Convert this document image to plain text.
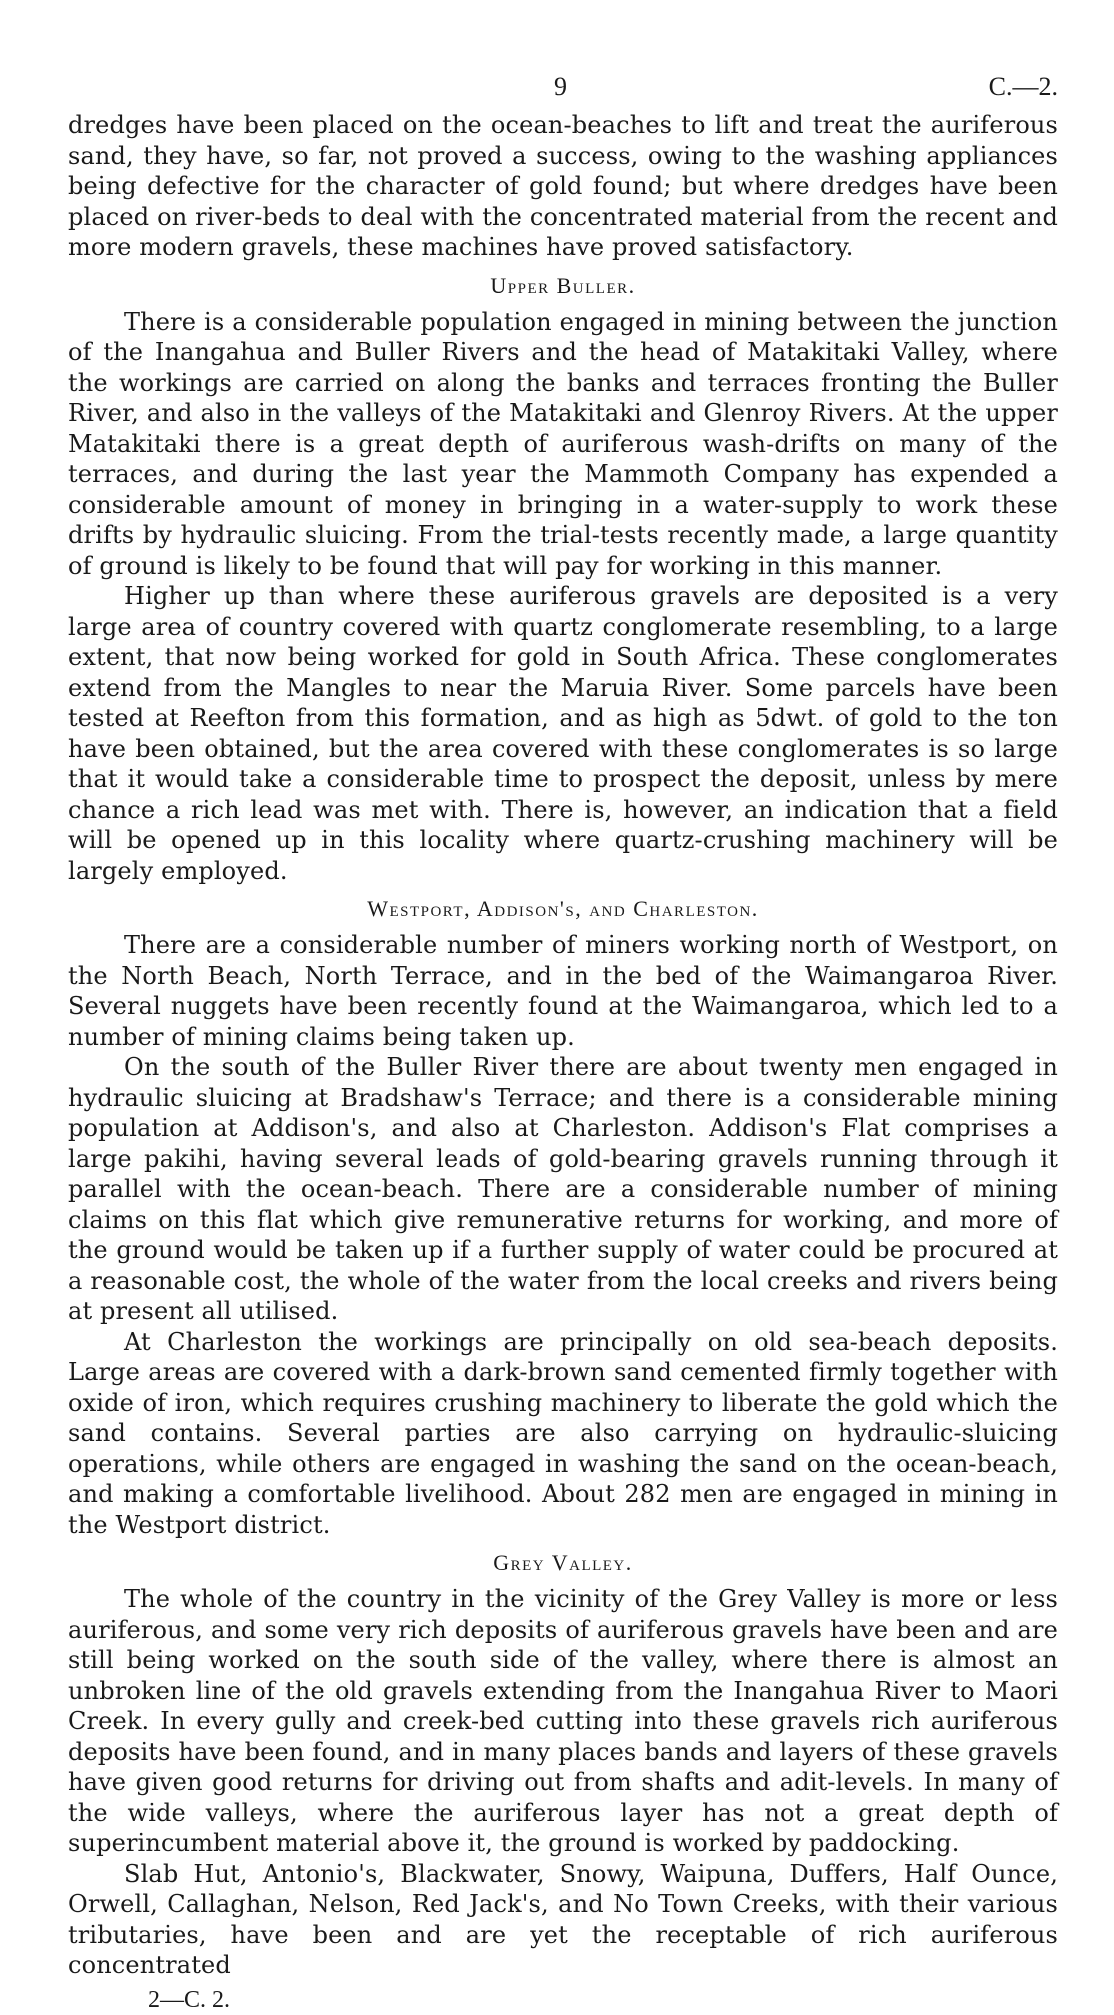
9	C.—2.

dredges have been placed on the ocean-beaches to lift and treat the auriferous sand, they have, so far, not proved a success, owing to the washing appliances being defective for the character of gold found; but where dredges have been placed on river-beds to deal with the concentrated material from the recent and more modern gravels, these machines have proved satisfactory.

Upper Buller.

There is a considerable population engaged in mining between the junction of the Inangahua and Buller Rivers and the head of Matakitaki Valley, where the workings are carried on along the banks and terraces fronting the Buller River, and also in the valleys of the Matakitaki and Glenroy Rivers. At the upper Matakitaki there is a great depth of auriferous wash-drifts on many of the terraces, and during the last year the Mammoth Company has expended a considerable amount of money in bringing in a water-supply to work these drifts by hydraulic sluicing. From the trial-tests recently made, a large quantity of ground is likely to be found that will pay for working in this manner.

Higher up than where these auriferous gravels are deposited is a very large area of country covered with quartz conglomerate resembling, to a large extent, that now being worked for gold in South Africa. These conglomerates extend from the Mangles to near the Maruia River. Some parcels have been tested at Reefton from this formation, and as high as 5dwt. of gold to the ton have been obtained, but the area covered with these conglomerates is so large that it would take a considerable time to prospect the deposit, unless by mere chance a rich lead was met with. There is, however, an indication that a field will be opened up in this locality where quartz-crushing machinery will be largely employed.

Westport, Addison's, and Charleston.

There are a considerable number of miners working north of Westport, on the North Beach, North Terrace, and in the bed of the Waimangaroa River. Several nuggets have been recently found at the Waimangaroa, which led to a number of mining claims being taken up.

On the south of the Buller River there are about twenty men engaged in hydraulic sluicing at Bradshaw's Terrace; and there is a considerable mining population at Addison's, and also at Charleston. Addison's Flat comprises a large pakihi, having several leads of gold-bearing gravels running through it parallel with the ocean-beach. There are a considerable number of mining claims on this flat which give remunerative returns for working, and more of the ground would be taken up if a further supply of water could be procured at a reasonable cost, the whole of the water from the local creeks and rivers being at present all utilised.

At Charleston the workings are principally on old sea-beach deposits. Large areas are covered with a dark-brown sand cemented firmly together with oxide of iron, which requires crushing machinery to liberate the gold which the sand contains. Several parties are also carrying on hydraulic-sluicing operations, while others are engaged in washing the sand on the ocean-beach, and making a comfortable livelihood. About 282 men are engaged in mining in the Westport district.

Grey Valley.

The whole of the country in the vicinity of the Grey Valley is more or less auriferous, and some very rich deposits of auriferous gravels have been and are still being worked on the south side of the valley, where there is almost an unbroken line of the old gravels extending from the Inangahua River to Maori Creek. In every gully and creek-bed cutting into these gravels rich auriferous deposits have been found, and in many places bands and layers of these gravels have given good returns for driving out from shafts and adit-levels. In many of the wide valleys, where the auriferous layer has not a great depth of superincumbent material above it, the ground is worked by paddocking.

Slab Hut, Antonio's, Blackwater, Snowy, Waipuna, Duffers, Half Ounce, Orwell, Callaghan, Nelson, Red Jack's, and No Town Creeks, with their various tributaries, have been and are yet the receptable of rich auriferous concentrated

2—C. 2.
